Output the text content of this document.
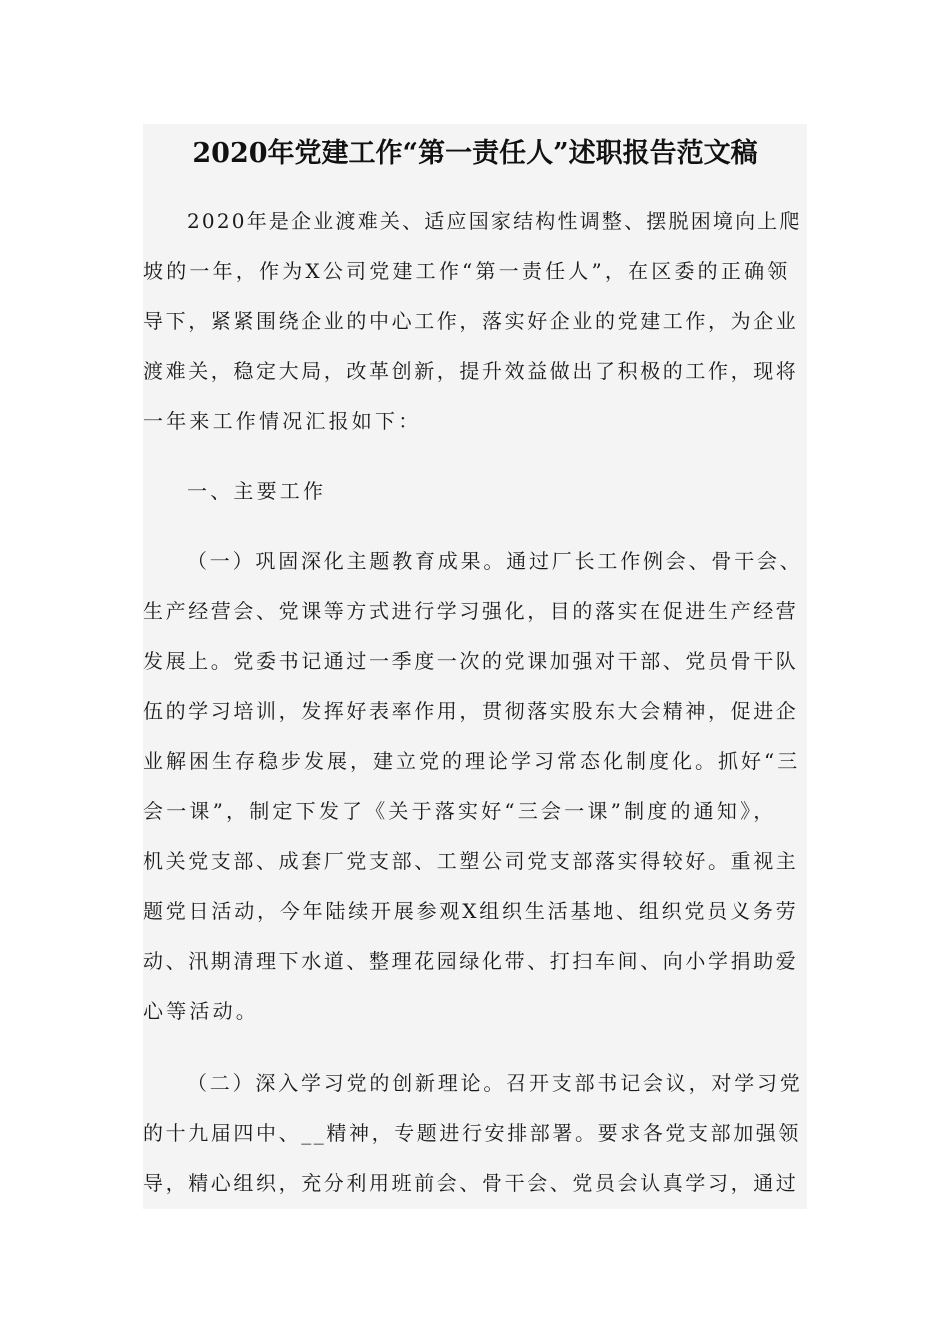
2020年党建工作“第一责任人”述职报告范文稿
2020年是企业渡难关、适应国家结构性调整、摆脱困境向上爬
坡的一年，作为X公司党建工作“第一责任人”，在区委的正确领
导下，紧紧围绕企业的中心工作，落实好企业的党建工作，为企业
渡难关，稳定大局，改革创新，提升效益做出了积极的工作，现将
一年来工作情况汇报如下：
一、主要工作
（一）巩固深化主题教育成果。通过厂长工作例会、骨干会、
生产经营会、党课等方式进行学习强化，目的落实在促进生产经营
发展上。党委书记通过一季度一次的党课加强对干部、党员骨干队
伍的学习培训，发挥好表率作用，贯彻落实股东大会精神，促进企
业解困生存稳步发展，建立党的理论学习常态化制度化。抓好“三
会一课”，制定下发了《关于落实好“三会一课”制度的通知》，
机关党支部、成套厂党支部、工塑公司党支部落实得较好。重视主
题党日活动，今年陆续开展参观X组织生活基地、组织党员义务劳
动、汛期清理下水道、整理花园绿化带、打扫车间、向小学捐助爱
心等活动。
（二）深入学习党的创新理论。召开支部书记会议，对学习党
的十九届四中、__精神，专题进行安排部署。要求各党支部加强领
导，精心组织，充分利用班前会、骨干会、党员会认真学习，通过
